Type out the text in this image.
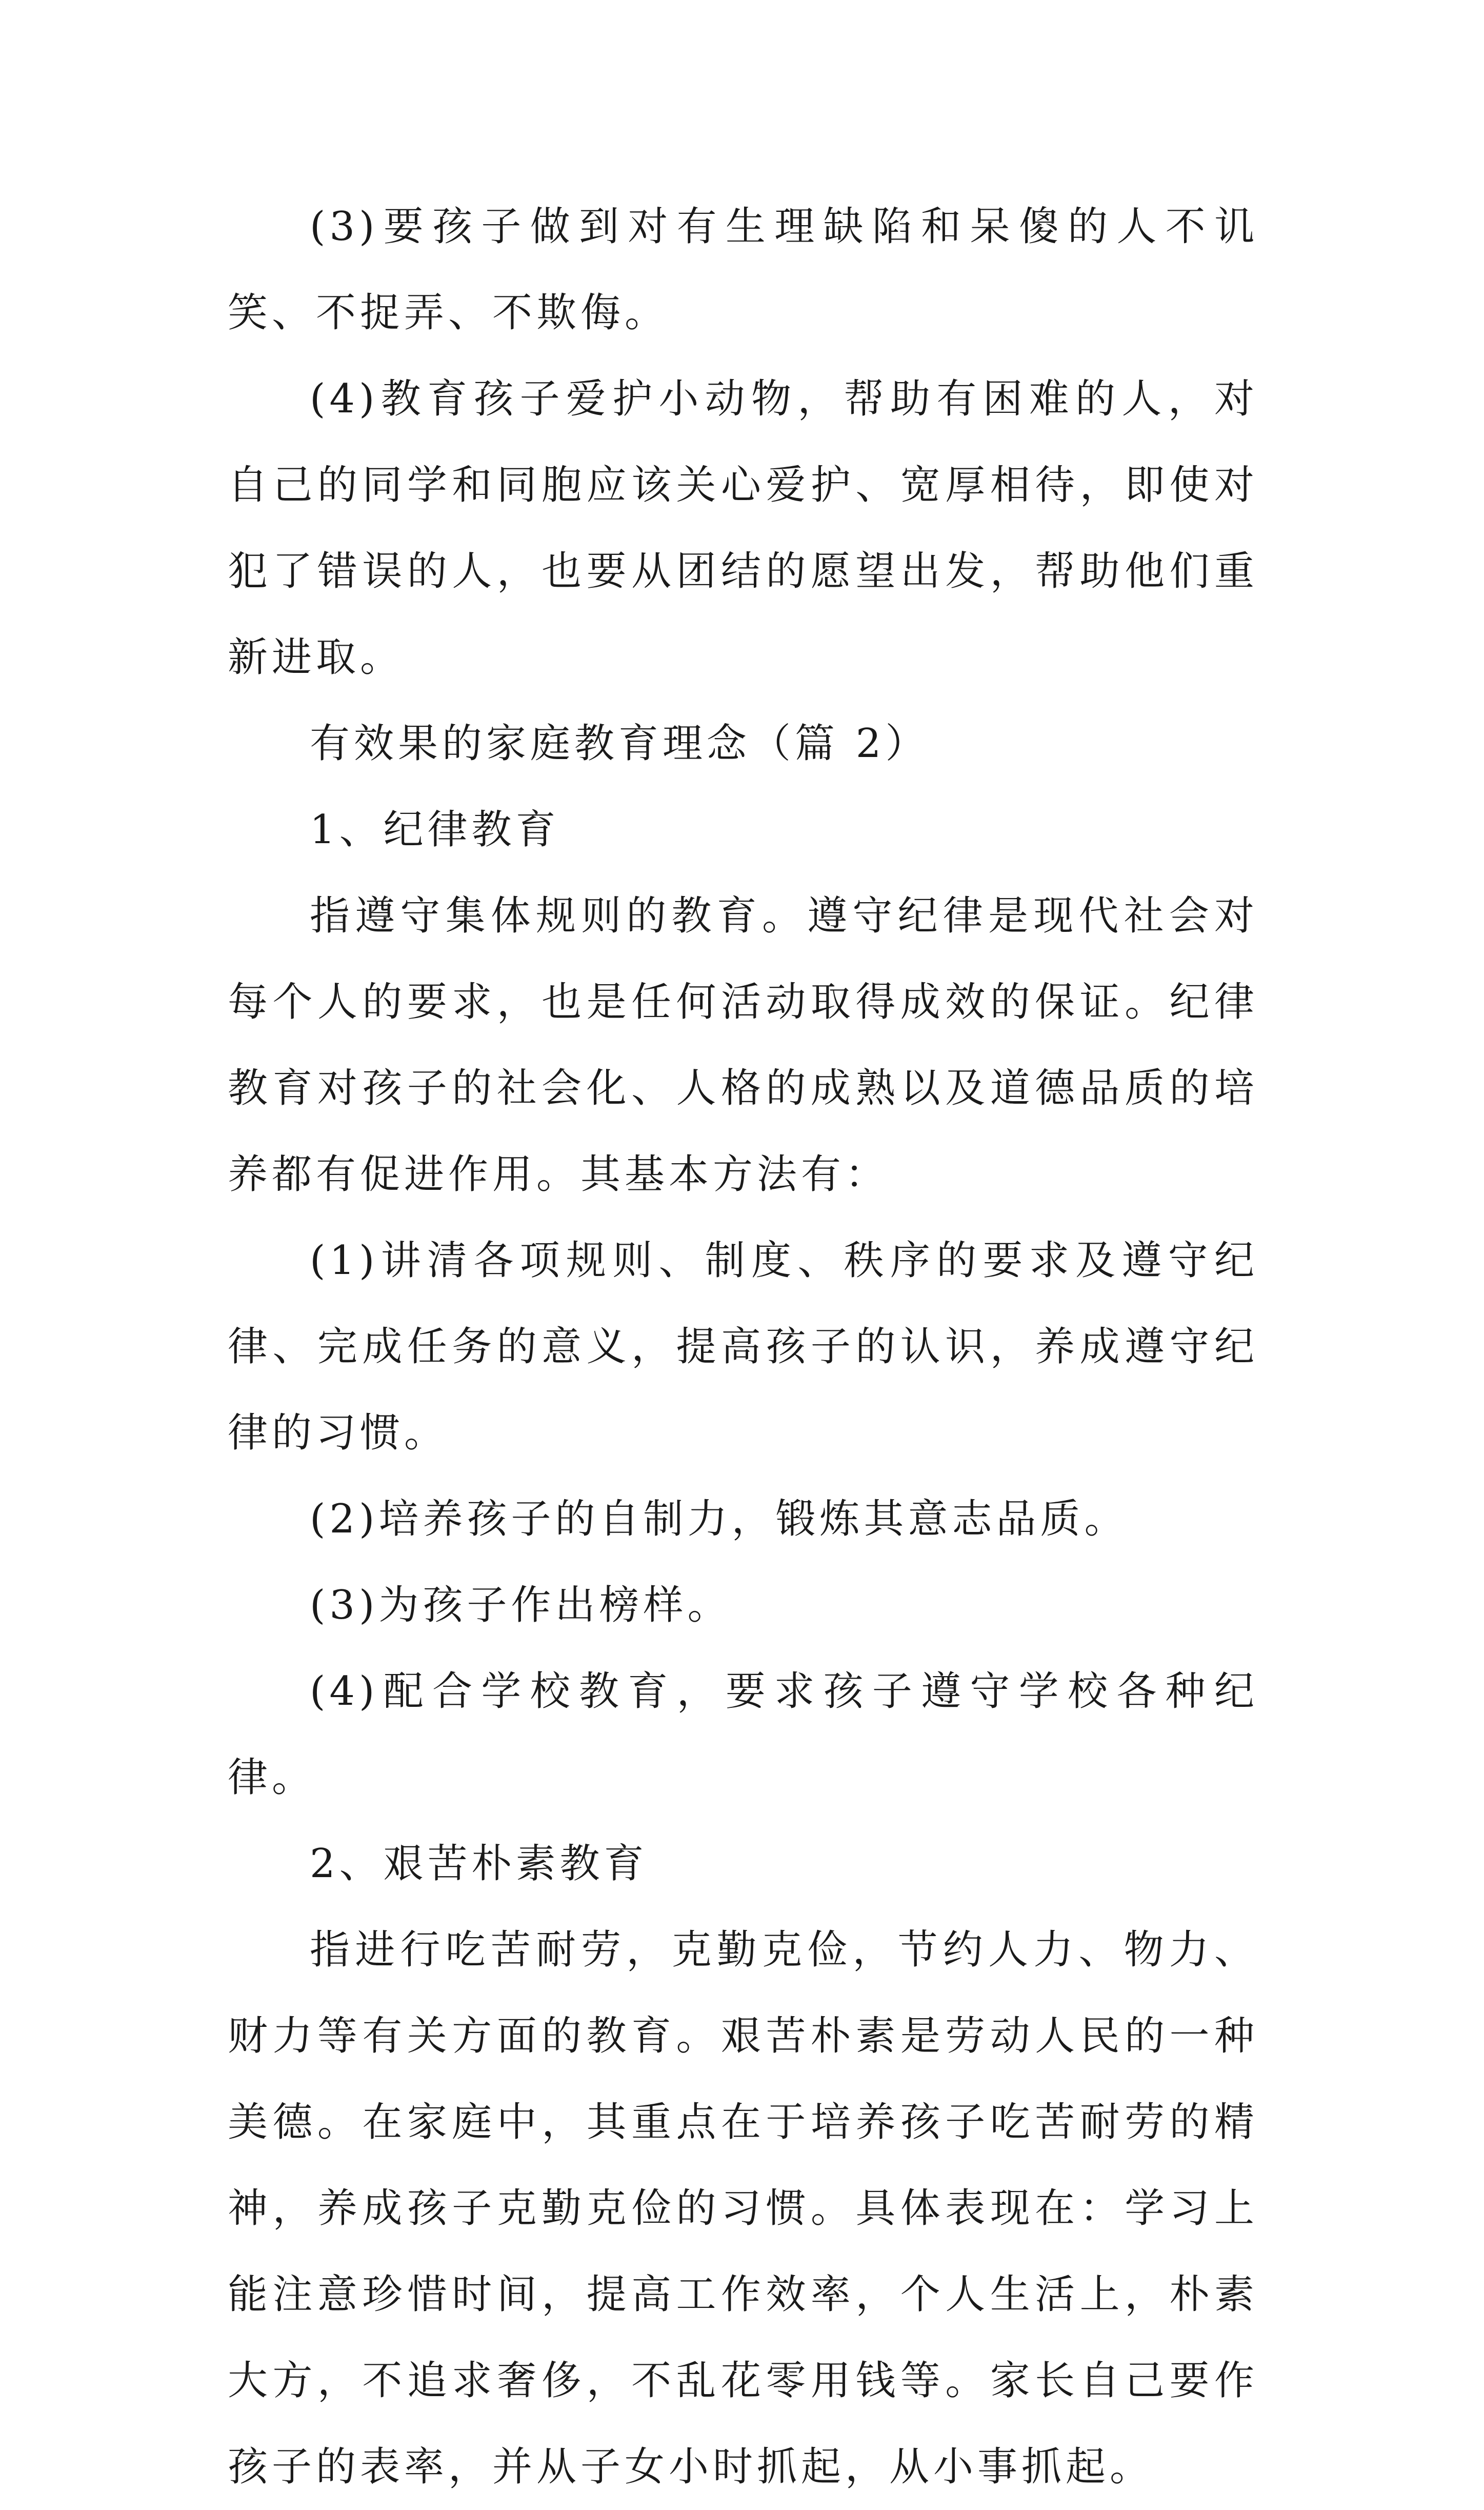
(3)要孩子做到对有生理缺陷和呆傻的人不讥笑、不捉弄、不欺侮。

(4)教育孩子爱护小动物，帮助有困难的人，对自己的同学和同胞应该关心爱护、宽厚相待，即使对犯了错误的人，也要从团结的愿望出发，帮助他们重新进取。

有效果的家庭教育理念（篇 2）

1、纪律教育

指遵守集体规则的教育。遵守纪律是现代社会对每个人的要求，也是任何活动取得成效的保证。纪律教育对孩子的社会化、人格的成熟以及道德品质的培养都有促进作用。其基本方法有：

(1)讲清各项规则、制度、秩序的要求及遵守纪律、完成任务的意义，提高孩子的认识，养成遵守纪律的习惯。

(2)培养孩子的自制力，锻炼其意志品质。

(3)为孩子作出榜样。

(4)配合学校教育，要求孩子遵守学校各种纪律。

2、艰苦朴素教育

指进行吃苦耐劳，克勤克俭，节约人力、物力、财力等有关方面的教育。艰苦朴素是劳动人民的一种美德。在家庭中，其重点在于培养孩子吃苦耐劳的精神，养成孩子克勤克俭的习惯。具体表现在：学习上能注意珍惜时间，提高工作效率，个人生活上，朴素大方，不追求奢侈，不乱花零用钱等。家长自己要作孩子的表率，并从子女小时抓起，从小事抓起。
